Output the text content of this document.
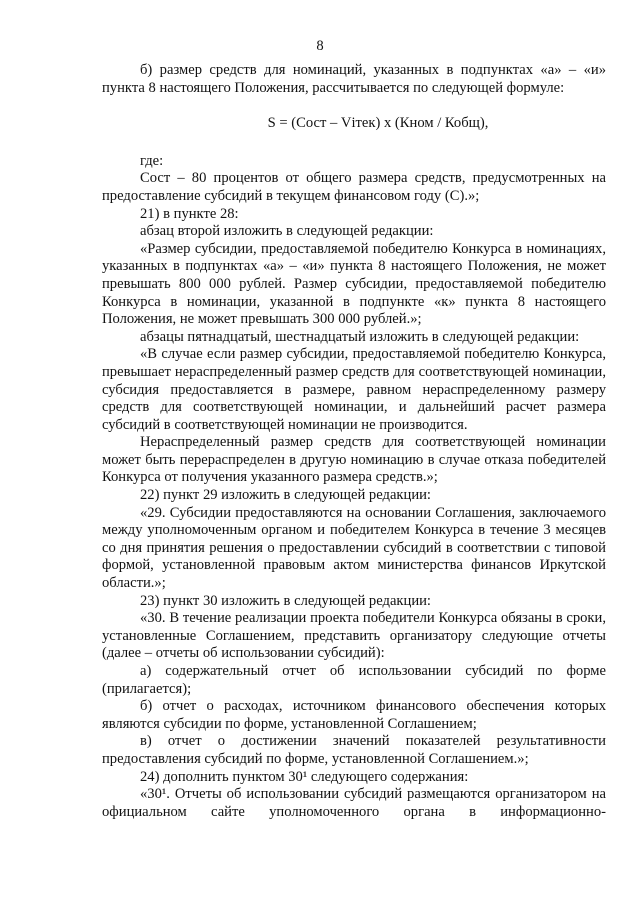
8

б) размер средств для номинаций, указанных в подпунктах «а» – «и» пункта 8 настоящего Положения, рассчитывается по следующей формуле:

S = (Сост – Vітек) х (Кном / Кобщ),

где:

Сост – 80 процентов от общего размера средств, предусмотренных на предоставление субсидий в текущем финансовом году (С).»;

21) в пункте 28:

абзац второй изложить в следующей редакции:

«Размер субсидии, предоставляемой победителю Конкурса в номинациях, указанных в подпунктах «а» – «и» пункта 8 настоящего Положения, не может превышать 800 000 рублей. Размер субсидии, предоставляемой победителю Конкурса в номинации, указанной в подпункте «к» пункта 8 настоящего Положения, не может превышать 300 000 рублей.»;

абзацы пятнадцатый, шестнадцатый изложить в следующей редакции:

«В случае если размер субсидии, предоставляемой победителю Конкурса, превышает нераспределенный размер средств для соответствующей номинации, субсидия предоставляется в размере, равном нераспределенному размеру средств для соответствующей номинации, и дальнейший расчет размера субсидий в соответствующей номинации не производится.

Нераспределенный размер средств для соответствующей номинации может быть перераспределен в другую номинацию в случае отказа победителей Конкурса от получения указанного размера средств.»;

22) пункт 29 изложить в следующей редакции:

«29. Субсидии предоставляются на основании Соглашения, заключаемого между уполномоченным органом и победителем Конкурса в течение 3 месяцев со дня принятия решения о предоставлении субсидий в соответствии с типовой формой, установленной правовым актом министерства финансов Иркутской области.»;

23) пункт 30 изложить в следующей редакции:

«30. В течение реализации проекта победители Конкурса обязаны в сроки, установленные Соглашением, представить организатору следующие отчеты (далее – отчеты об использовании субсидий):

а) содержательный отчет об использовании субсидий по форме (прилагается);

б) отчет о расходах, источником финансового обеспечения которых являются субсидии по форме, установленной Соглашением;

в) отчет о достижении значений показателей результативности предоставления субсидий по форме, установленной Соглашением.»;

24) дополнить пунктом 30¹ следующего содержания:

«30¹. Отчеты об использовании субсидий размещаются организатором на официальном сайте уполномоченного органа в информационно-
